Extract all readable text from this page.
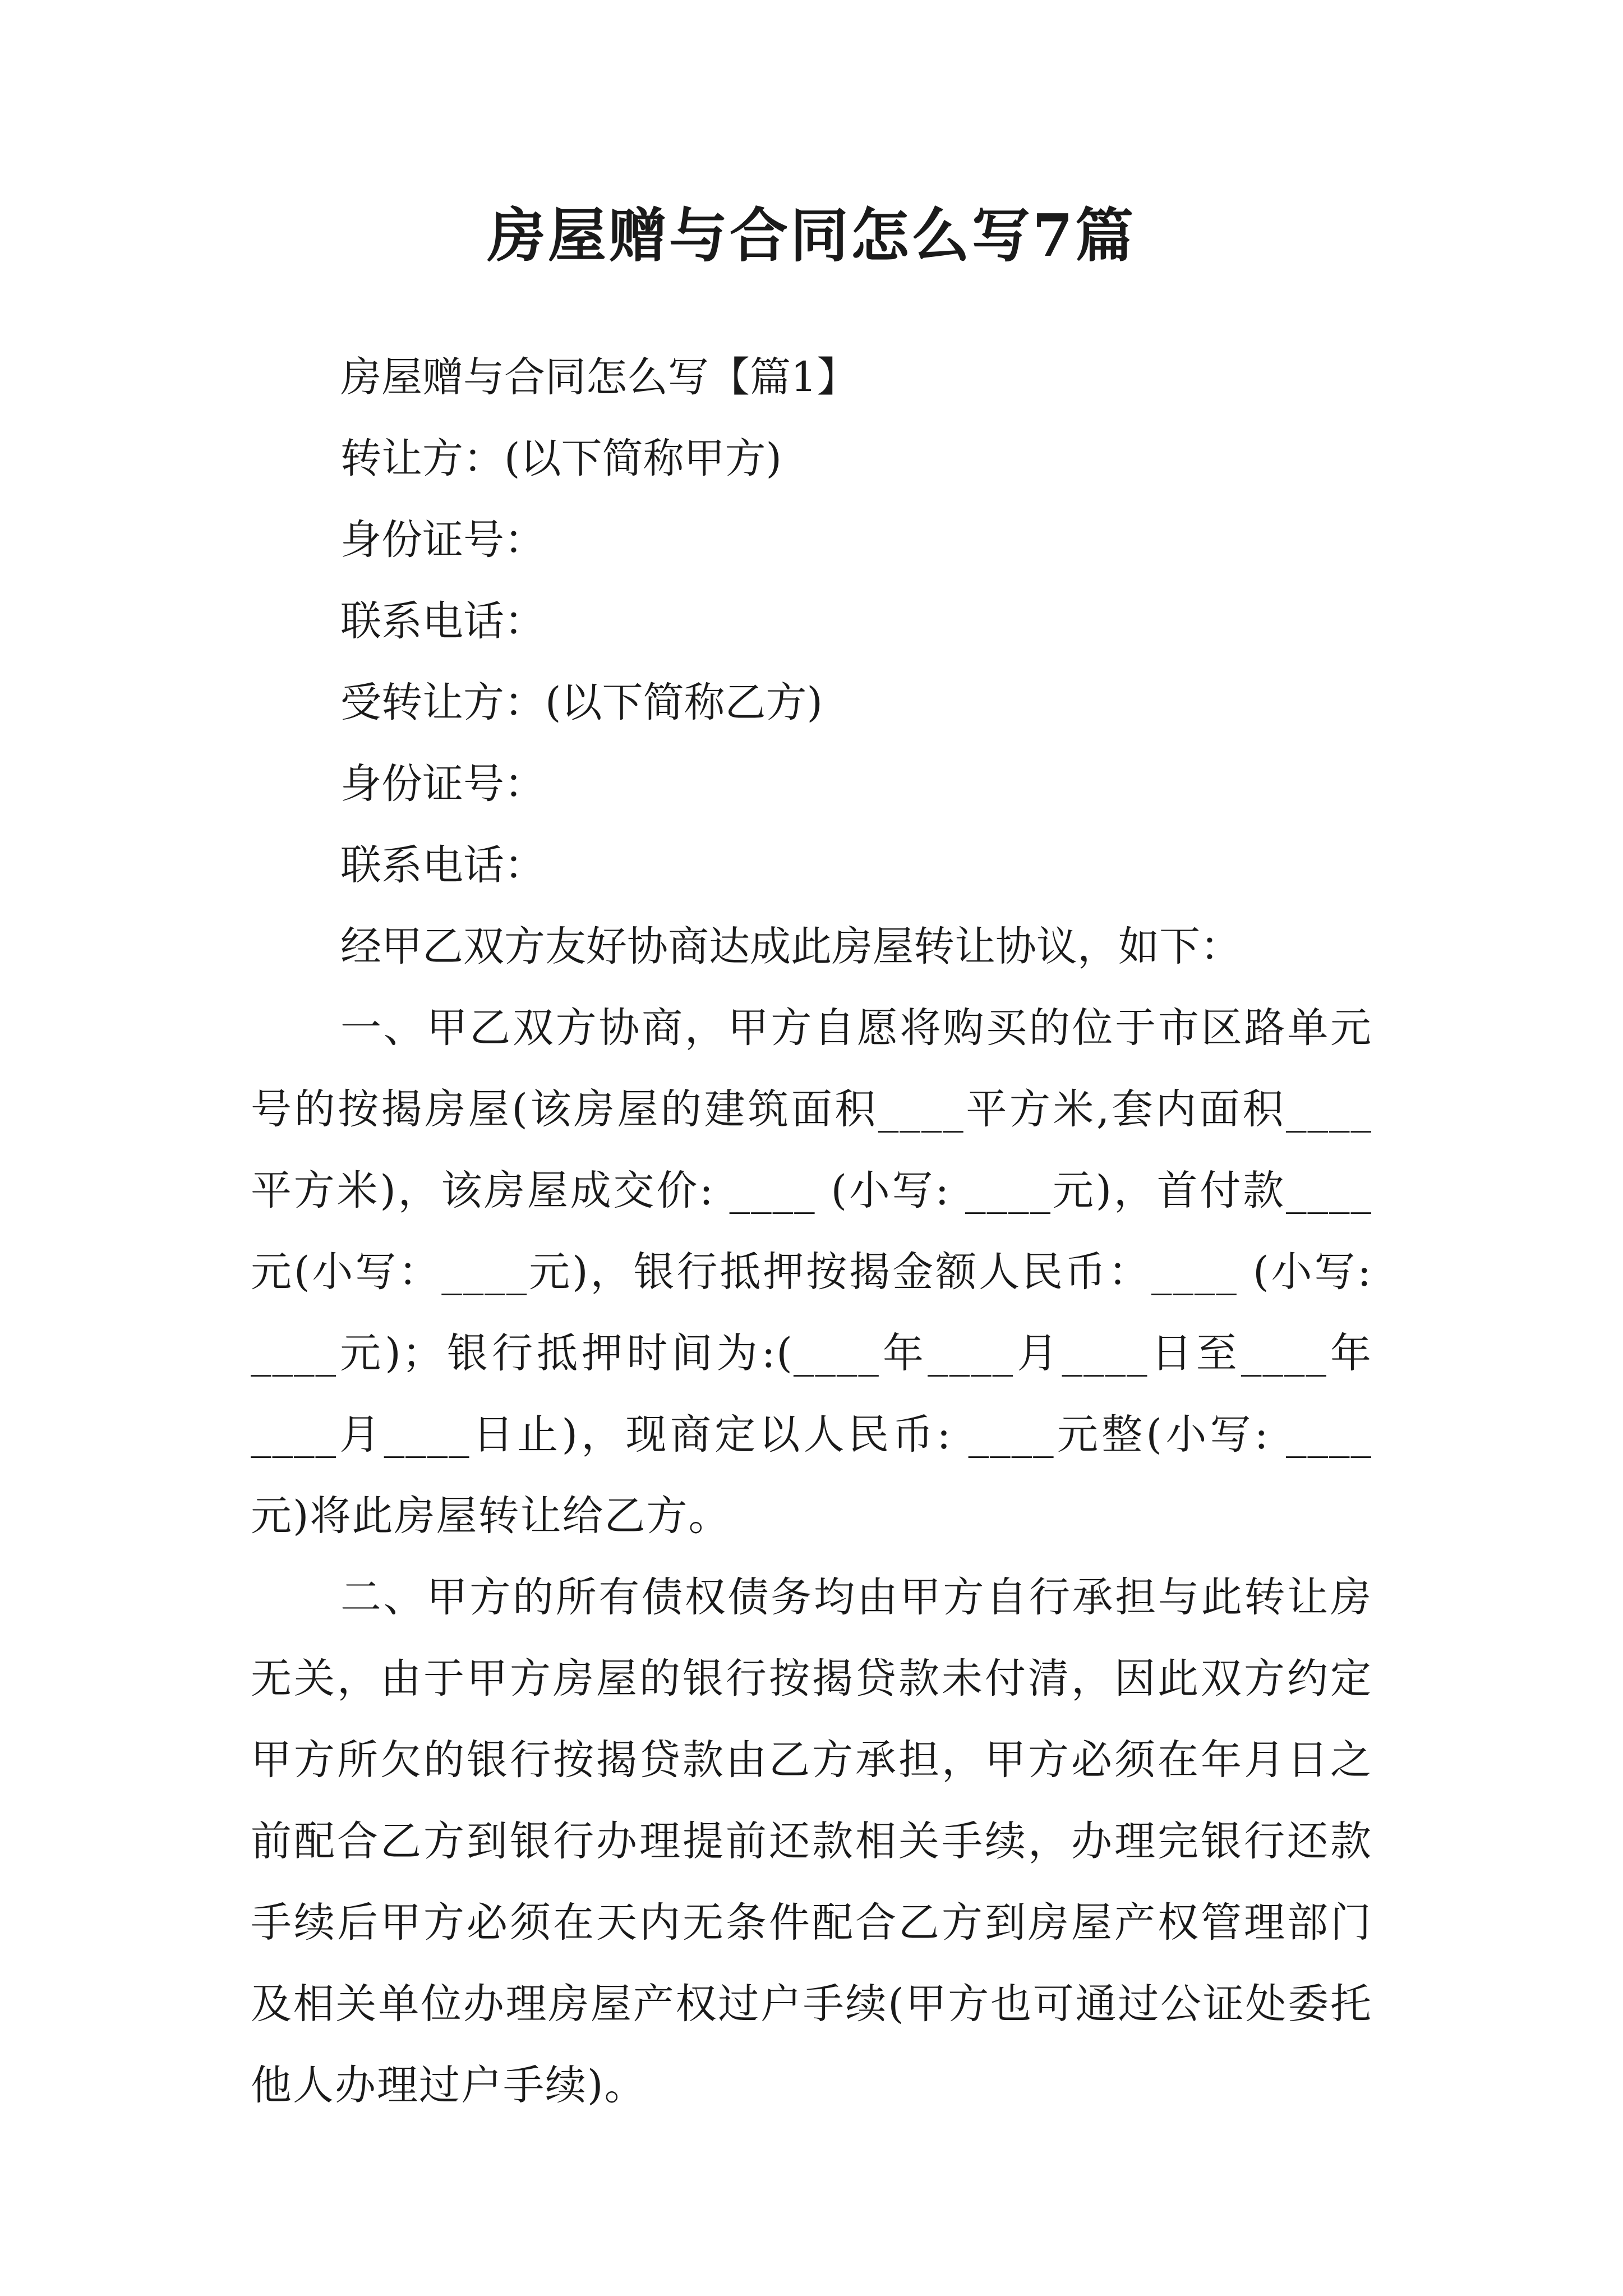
房屋赠与合同怎么写7篇
房屋赠与合同怎么写【篇1】
转让方：(以下简称甲方)
身份证号：
联系电话：
受转让方：(以下简称乙方)
身份证号：
联系电话：
经甲乙双方友好协商达成此房屋转让协议，如下：

一、甲乙双方协商，甲方自愿将购买的位于市区路单元号的按揭房屋(该房屋的建筑面积____平方米,套内面积____平方米)，该房屋成交价: ____ (小写: ____元)，首付款____元(小写：____元)，银行抵押按揭金额人民币：____ (小写: ____元)；银行抵押时间为:(____年____月____日至____年____月____日止)，现商定以人民币: ____元整(小写: ____元)将此房屋转让给乙方。

二、甲方的所有债权债务均由甲方自行承担与此转让房无关，由于甲方房屋的银行按揭贷款未付清，因此双方约定甲方所欠的银行按揭贷款由乙方承担，甲方必须在年月日之前配合乙方到银行办理提前还款相关手续，办理完银行还款手续后甲方必须在天内无条件配合乙方到房屋产权管理部门及相关单位办理房屋产权过户手续(甲方也可通过公证处委托他人办理过户手续)。
